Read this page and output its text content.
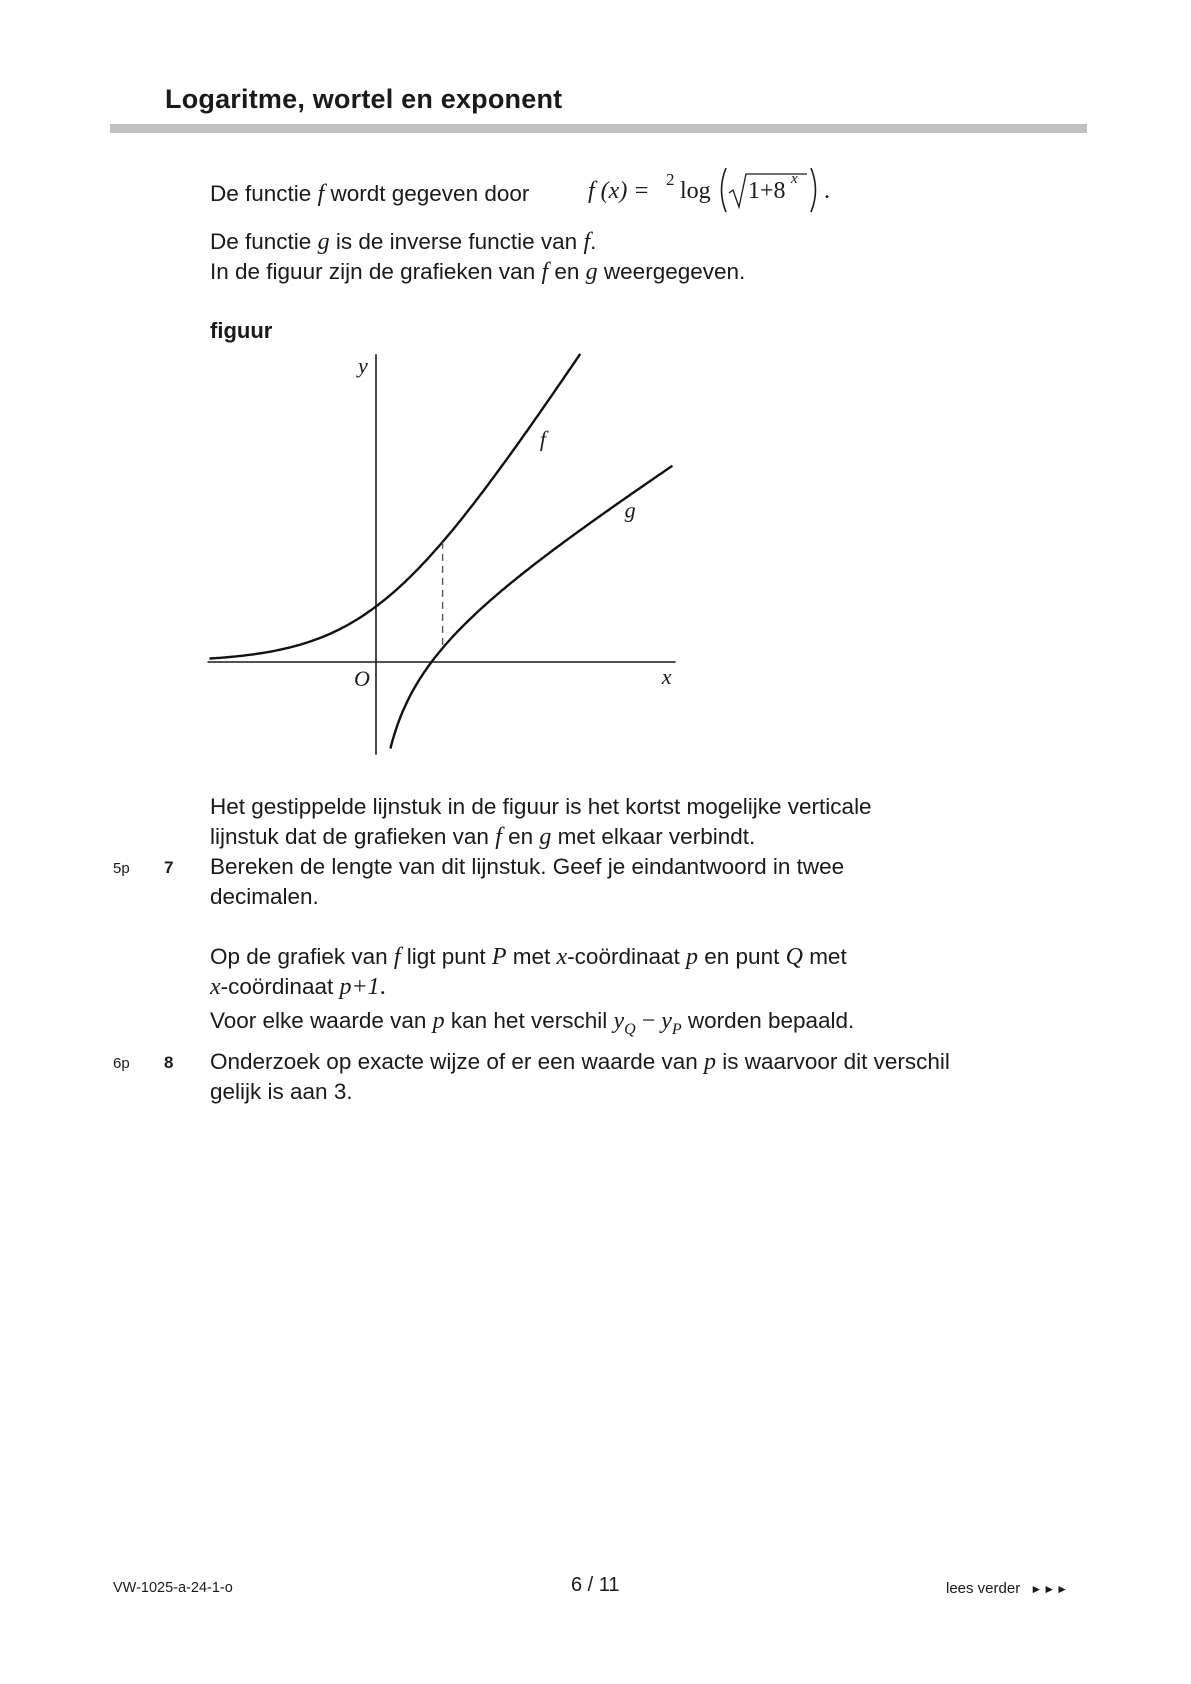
Logaritme, wortel en exponent
De functie f wordt gegeven door f (x) = 2 log 1+8 x .
De functie g is de inverse functie van f.
In de figuur zijn de grafieken van f en g weergegeven.
figuur
y
x
O
f
g
Het gestippelde lijnstuk in de figuur is het kortst mogelijke verticale
lijnstuk dat de grafieken van f en g met elkaar verbindt.
5p 7 Bereken de lengte van dit lijnstuk. Geef je eindantwoord in twee
decimalen.
Op de grafiek van f ligt punt P met x-coördinaat p en punt Q met
x-coördinaat p+1.
Voor elke waarde van p kan het verschil $y_Q - y_P$ worden bepaald.
6p 8 Onderzoek op exacte wijze of er een waarde van p is waarvoor dit verschil
gelijk is aan 3.
VW-1025-a-24-1-o	6 / 11	lees verder ►►►
